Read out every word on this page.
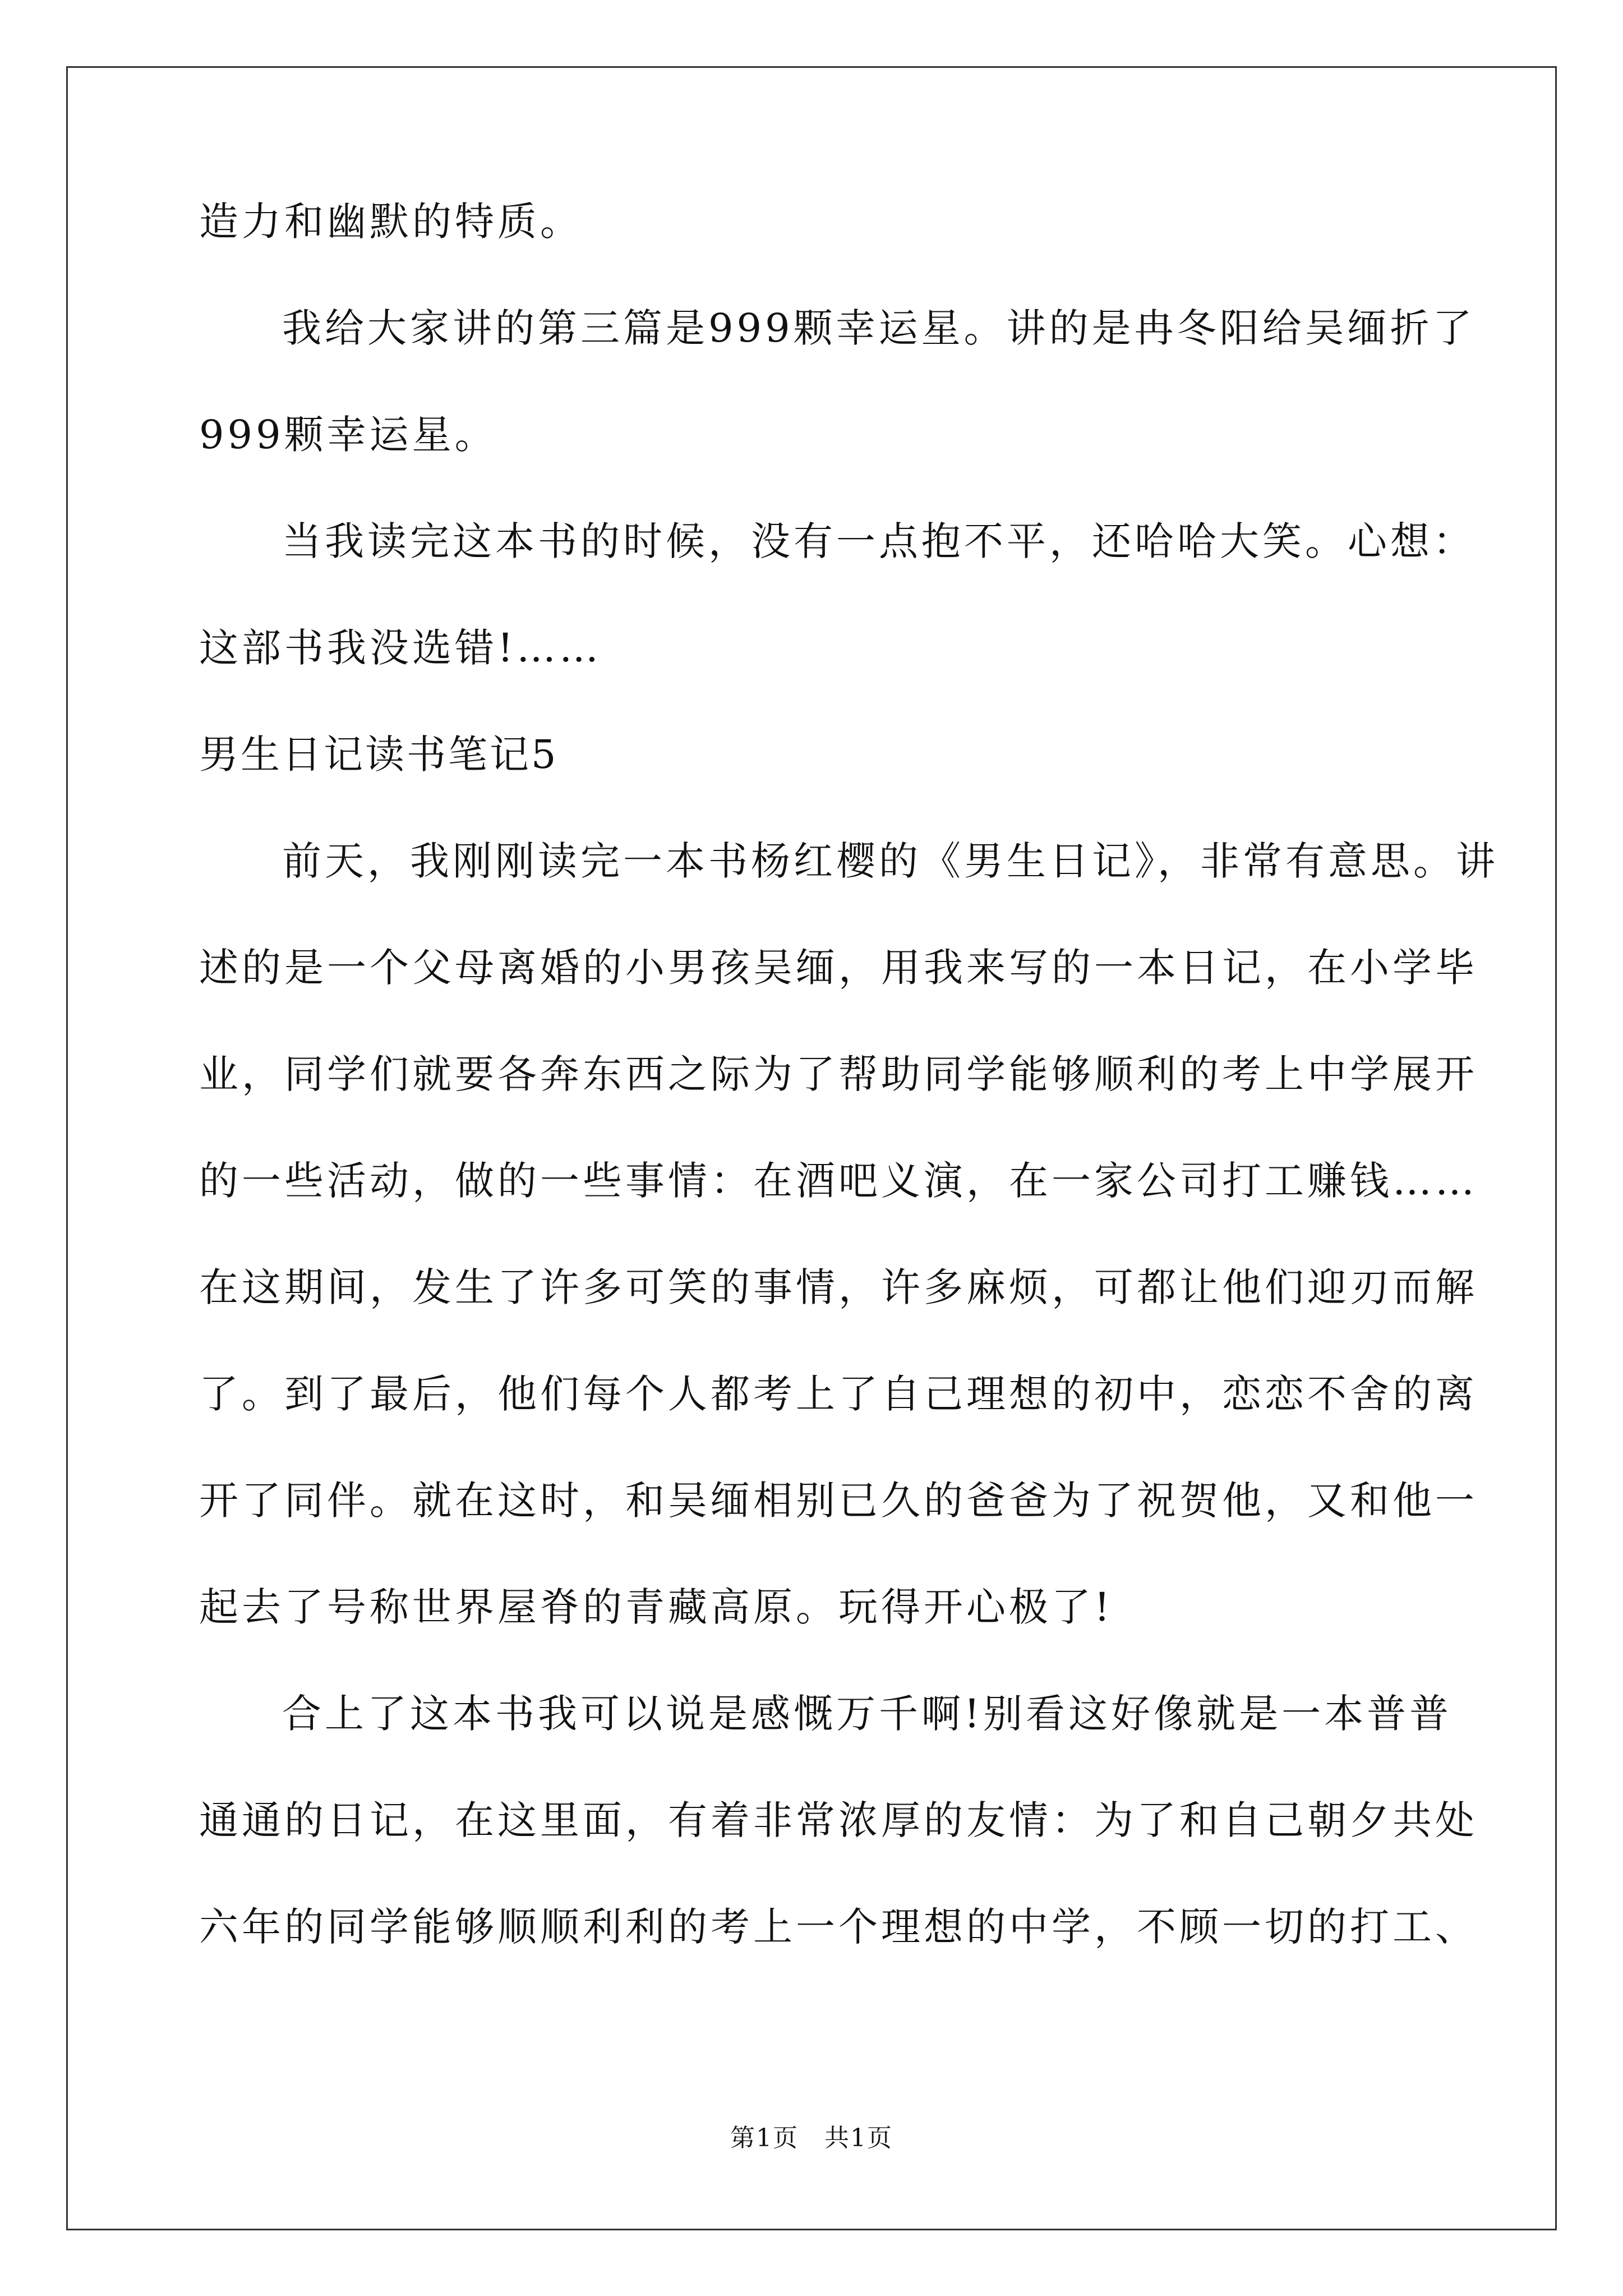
造力和幽默的特质。
我给大家讲的第三篇是999颗幸运星。讲的是冉冬阳给吴缅折了
999颗幸运星。
当我读完这本书的时候，没有一点抱不平，还哈哈大笑。心想：
这部书我没选错!……
男生日记读书笔记5
前天，我刚刚读完一本书杨红樱的《男生日记》，非常有意思。讲
述的是一个父母离婚的小男孩吴缅，用我来写的一本日记，在小学毕
业，同学们就要各奔东西之际为了帮助同学能够顺利的考上中学展开
的一些活动，做的一些事情：在酒吧义演，在一家公司打工赚钱……
在这期间，发生了许多可笑的事情，许多麻烦，可都让他们迎刃而解
了。到了最后，他们每个人都考上了自己理想的初中，恋恋不舍的离
开了同伴。就在这时，和吴缅相别已久的爸爸为了祝贺他，又和他一
起去了号称世界屋脊的青藏高原。玩得开心极了!
合上了这本书我可以说是感慨万千啊!别看这好像就是一本普普
通通的日记，在这里面，有着非常浓厚的友情：为了和自己朝夕共处
六年的同学能够顺顺利利的考上一个理想的中学，不顾一切的打工、
第1页　共1页
